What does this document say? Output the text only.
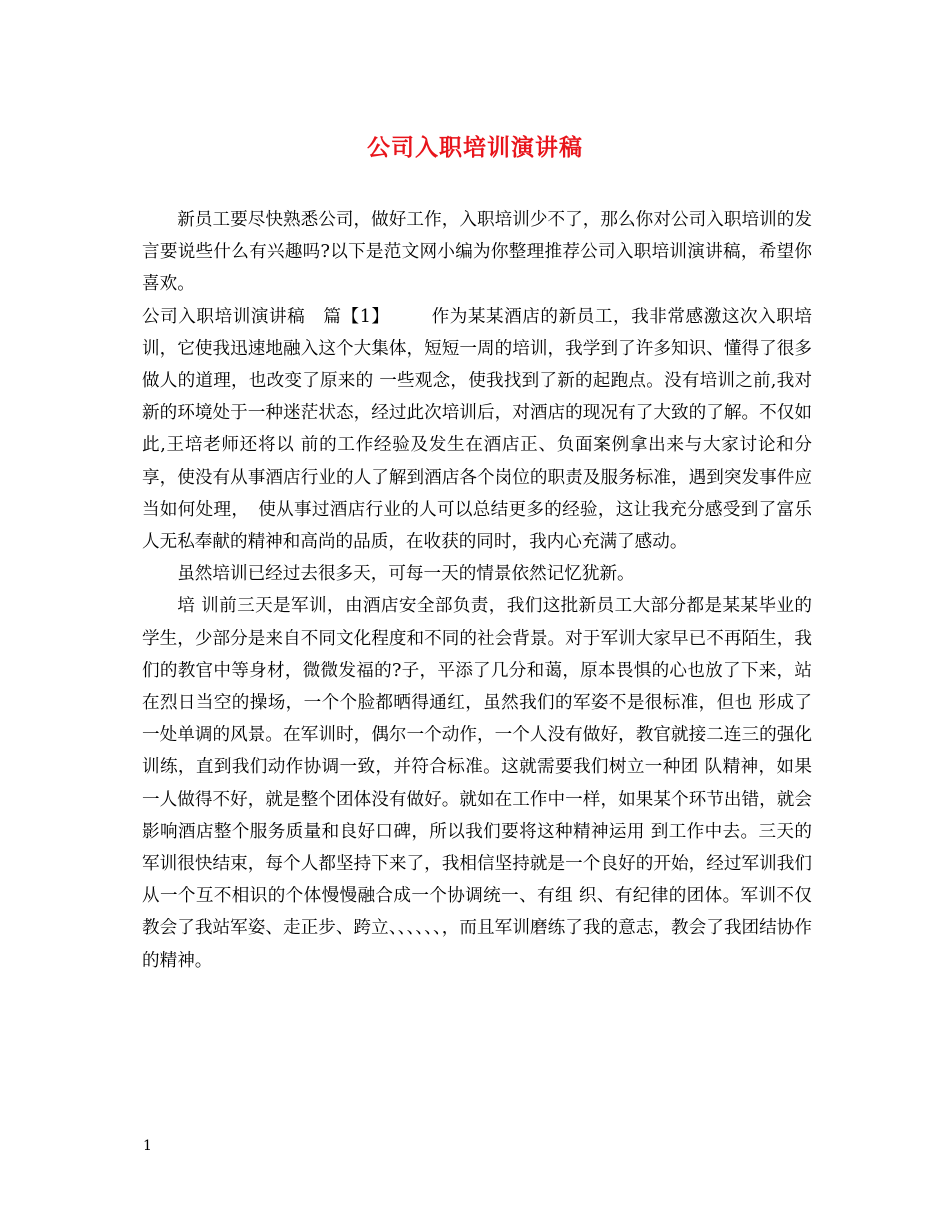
公司入职培训演讲稿

新员工要尽快熟悉公司，做好工作，入职培训少不了，那么你对公司入职培训的发言要说些什么有兴趣吗?以下是范文网小编为你整理推荐公司入职培训演讲稿，希望你喜欢。

公司入职培训演讲稿　篇【1】 作为某某酒店的新员工，我非常感激这次入职培训，它使我迅速地融入这个大集体，短短一周的培训，我学到了许多知识、懂得了很多做人的道理，也改变了原来的 一些观念，使我找到了新的起跑点。没有培训之前,我对新的环境处于一种迷茫状态，经过此次培训后，对酒店的现况有了大致的了解。不仅如此,王培老师还将以 前的工作经验及发生在酒店正、负面案例拿出来与大家讨论和分享，使没有从事酒店行业的人了解到酒店各个岗位的职责及服务标准，遇到突发事件应当如何处理，　使从事过酒店行业的人可以总结更多的经验，这让我充分感受到了富乐人无私奉献的精神和高尚的品质，在收获的同时，我内心充满了感动。

虽然培训已经过去很多天，可每一天的情景依然记忆犹新。

培 训前三天是军训，由酒店安全部负责，我们这批新员工大部分都是某某毕业的学生，少部分是来自不同文化程度和不同的社会背景。对于军训大家早已不再陌生，我 们的教官中等身材，微微发福的?子，平添了几分和蔼，原本畏惧的心也放了下来，站在烈日当空的操场，一个个脸都晒得通红，虽然我们的军姿不是很标准，但也 形成了一处单调的风景。在军训时，偶尔一个动作，一个人没有做好，教官就接二连三的强化训练，直到我们动作协调一致，并符合标准。这就需要我们树立一种团 队精神，如果一人做得不好，就是整个团体没有做好。就如在工作中一样，如果某个环节出错，就会影响酒店整个服务质量和良好口碑，所以我们要将这种精神运用 到工作中去。三天的军训很快结束，每个人都坚持下来了，我相信坚持就是一个良好的开始，经过军训我们从一个互不相识的个体慢慢融合成一个协调统一、有组 织、有纪律的团体。军训不仅教会了我站军姿、走正步、跨立、、、、、、，而且军训磨练了我的意志，教会了我团结协作的精神。

1
